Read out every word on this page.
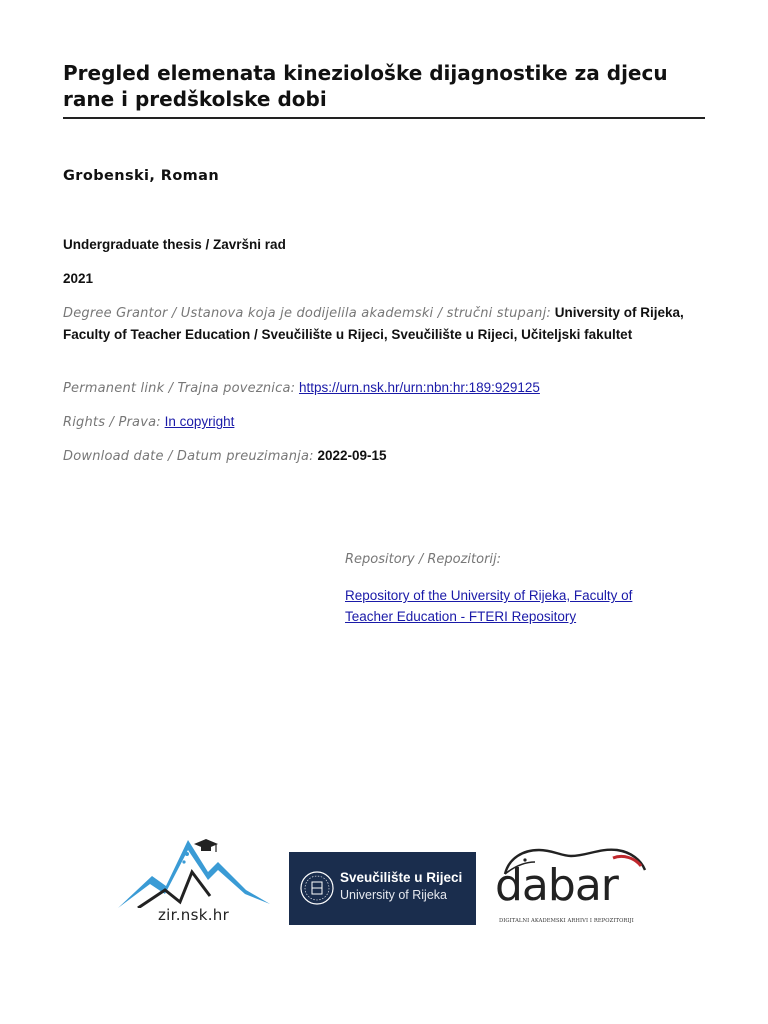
Pregled elemenata kineziološke dijagnostike za djecu rane i predškolske dobi
Grobenski, Roman
Undergraduate thesis / Završni rad
2021
Degree Grantor / Ustanova koja je dodijelila akademski / stručni stupanj: University of Rijeka, Faculty of Teacher Education / Sveučilište u Rijeci, Sveučilište u Rijeci, Učiteljski fakultet
Permanent link / Trajna poveznica: https://urn.nsk.hr/urn:nbn:hr:189:929125
Rights / Prava: In copyright
Download date / Datum preuzimanja: 2022-09-15
Repository / Repozitorij:
Repository of the University of Rijeka, Faculty of
Teacher Education - FTERI Repository
zir.nsk.hr
Sveučilište u Rijeci
University of Rijeka dabar
DIGITALNI AKADEMSKI ARHIVI I REPOZITORIJI
